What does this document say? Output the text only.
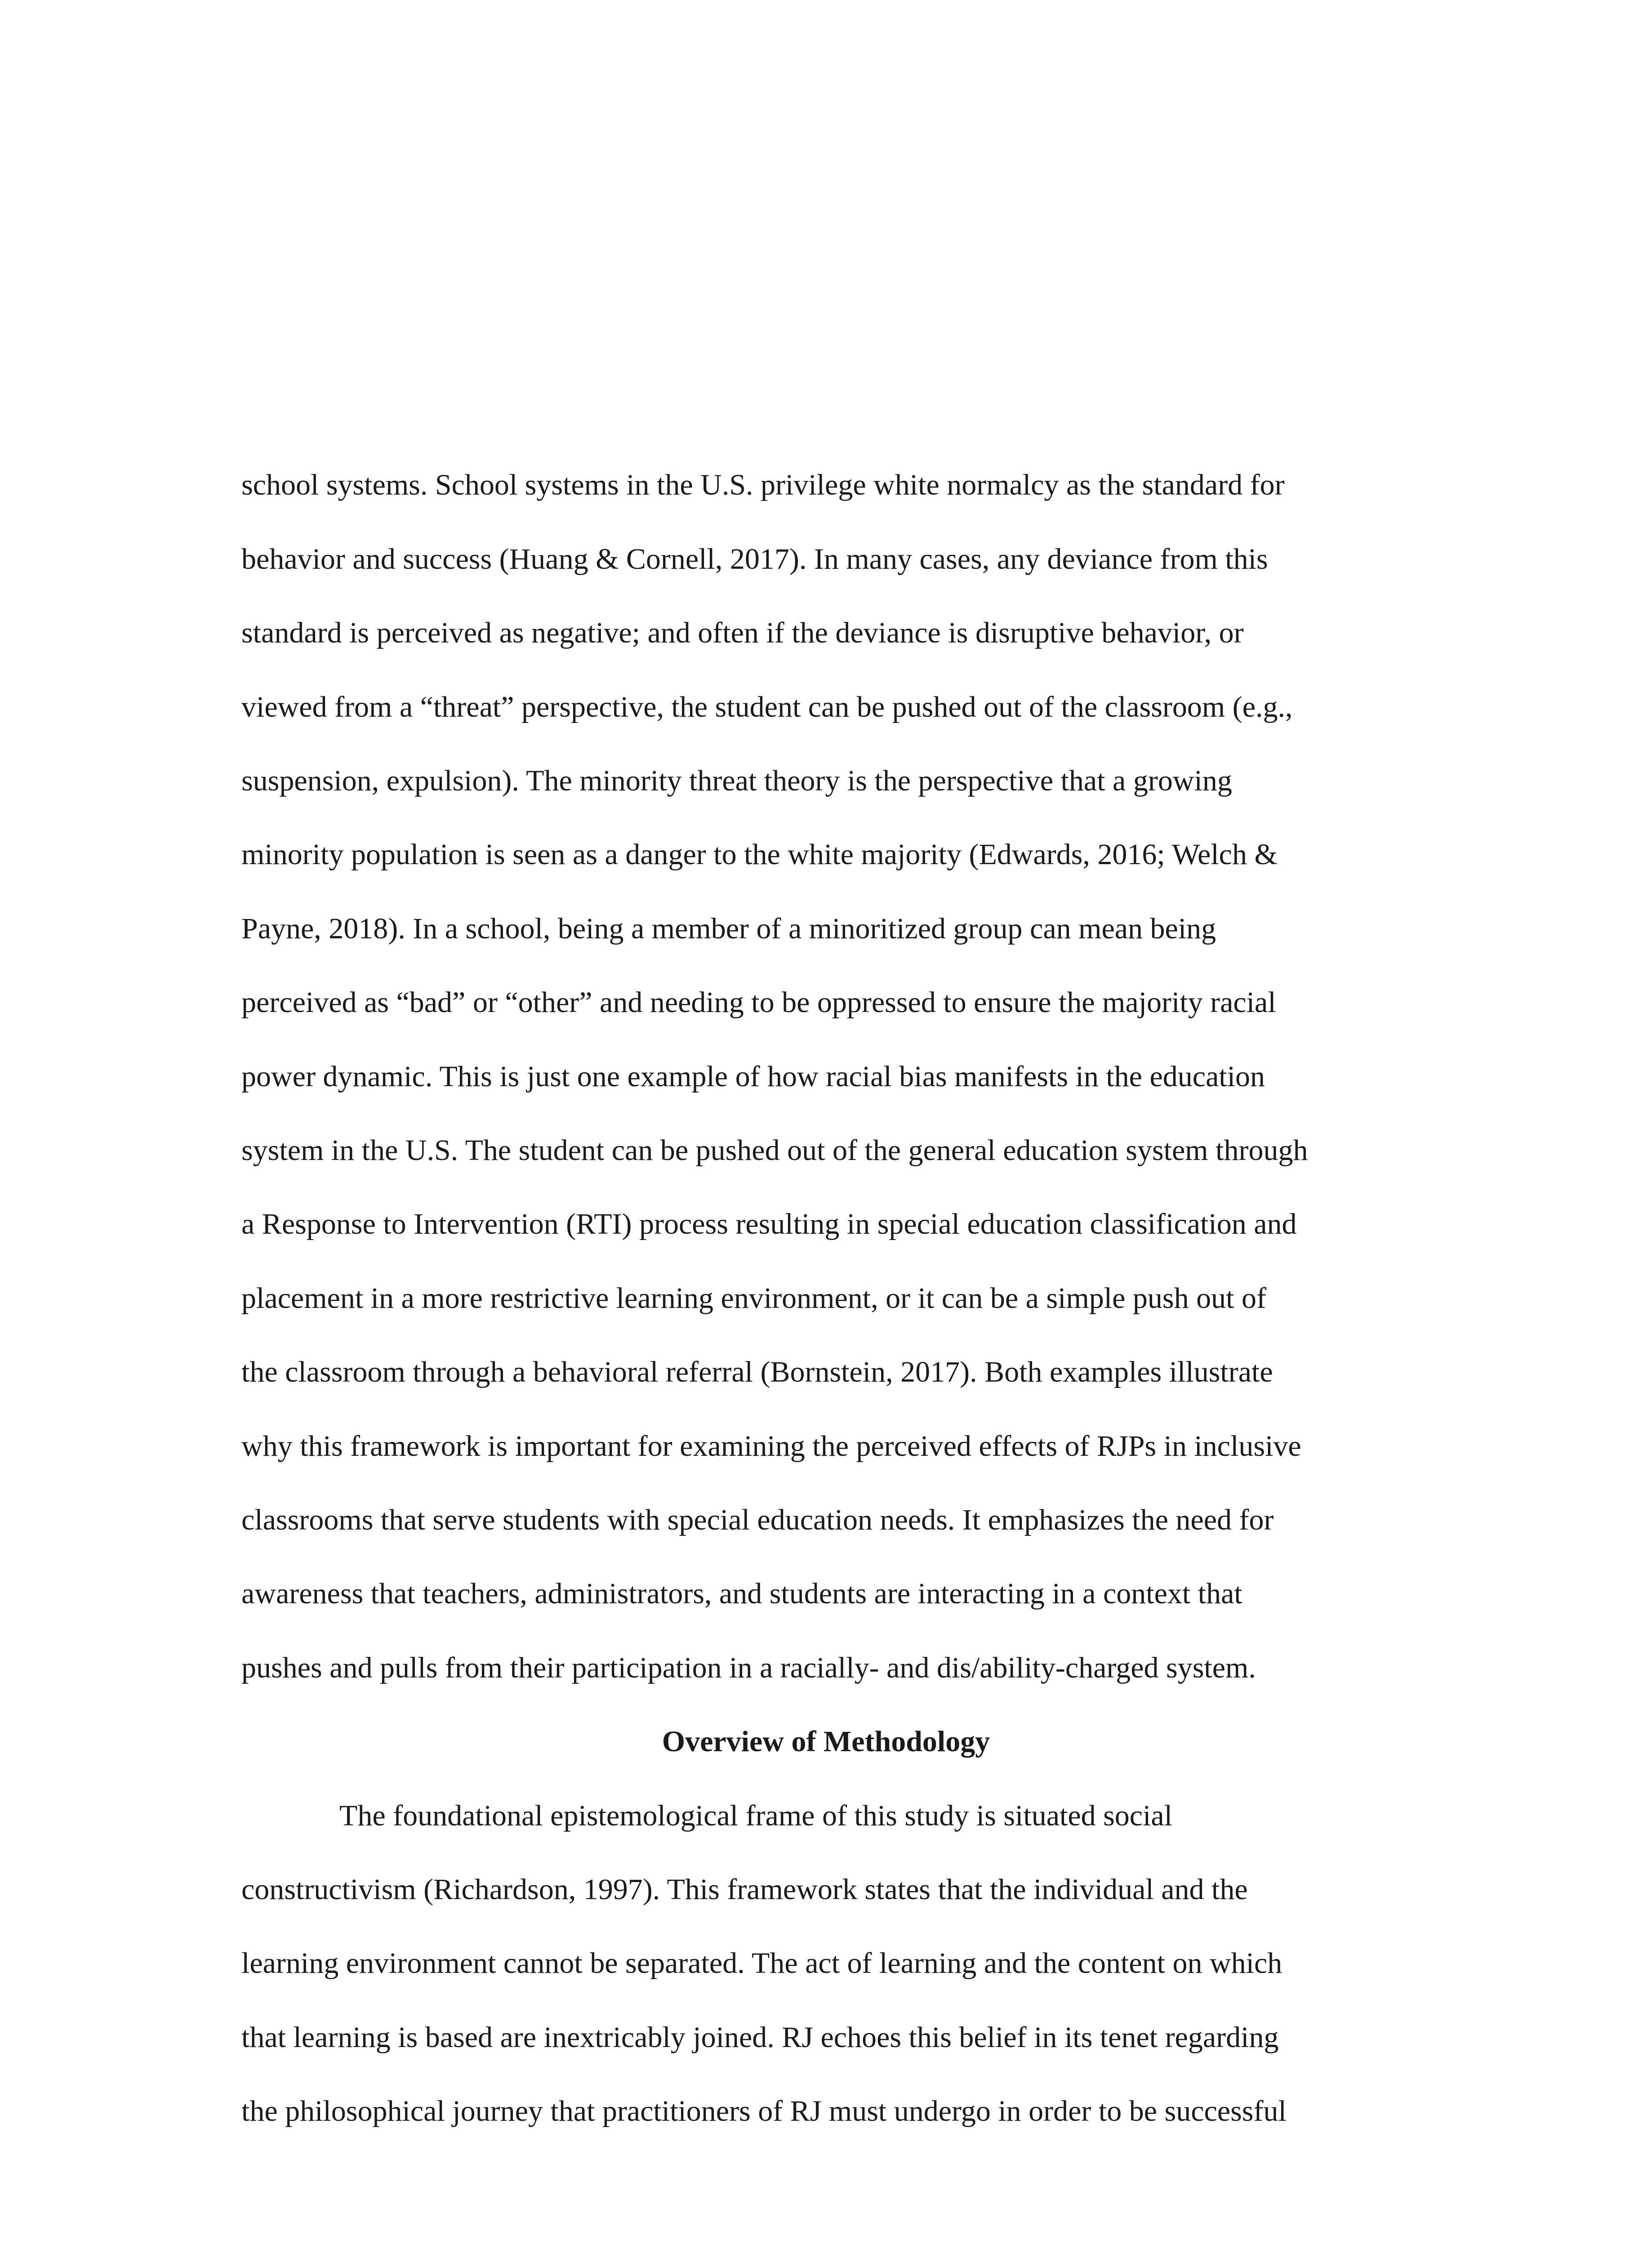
school systems. School systems in the U.S. privilege white normalcy as the standard for

behavior and success (Huang & Cornell, 2017). In many cases, any deviance from this

standard is perceived as negative; and often if the deviance is disruptive behavior, or

viewed from a “threat” perspective, the student can be pushed out of the classroom (e.g.,

suspension, expulsion). The minority threat theory is the perspective that a growing

minority population is seen as a danger to the white majority (Edwards, 2016; Welch &

Payne, 2018). In a school, being a member of a minoritized group can mean being

perceived as “bad” or “other” and needing to be oppressed to ensure the majority racial

power dynamic. This is just one example of how racial bias manifests in the education

system in the U.S. The student can be pushed out of the general education system through

a Response to Intervention (RTI) process resulting in special education classification and

placement in a more restrictive learning environment, or it can be a simple push out of

the classroom through a behavioral referral (Bornstein, 2017). Both examples illustrate

why this framework is important for examining the perceived effects of RJPs in inclusive

classrooms that serve students with special education needs. It emphasizes the need for

awareness that teachers, administrators, and students are interacting in a context that

pushes and pulls from their participation in a racially- and dis/ability-charged system.

Overview of Methodology

The foundational epistemological frame of this study is situated social

constructivism (Richardson, 1997). This framework states that the individual and the

learning environment cannot be separated. The act of learning and the content on which

that learning is based are inextricably joined. RJ echoes this belief in its tenet regarding

the philosophical journey that practitioners of RJ must undergo in order to be successful
